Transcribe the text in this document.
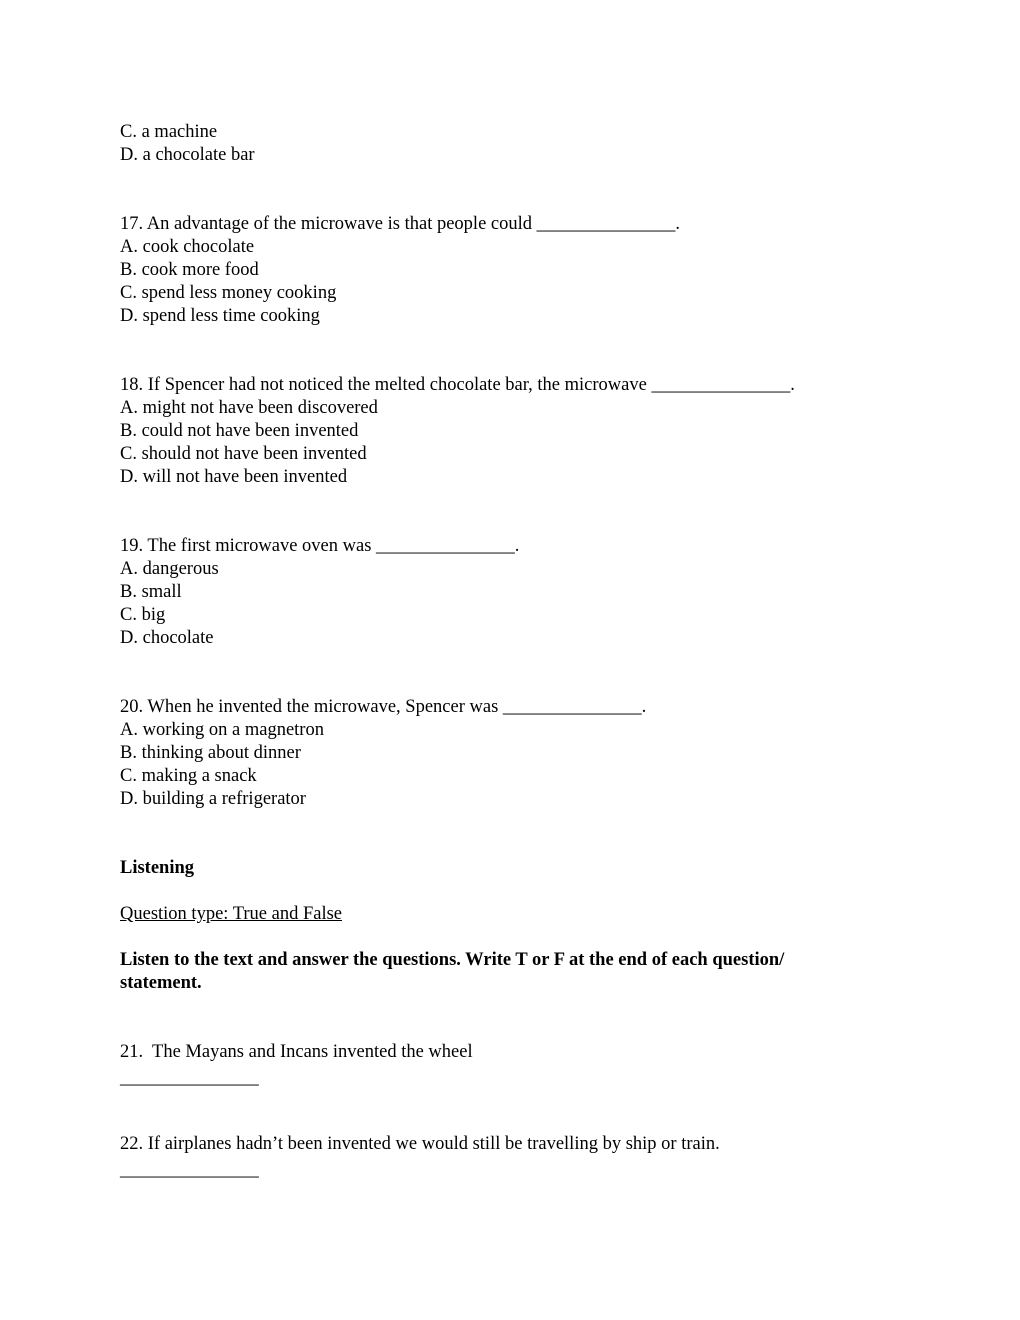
C. a machine
D. a chocolate bar
17. An advantage of the microwave is that people could _______________.
A. cook chocolate
B. cook more food
C. spend less money cooking
D. spend less time cooking
18. If Spencer had not noticed the melted chocolate bar, the microwave _______________.
A. might not have been discovered
B. could not have been invented
C. should not have been invented
D. will not have been invented
19. The first microwave oven was _______________.
A. dangerous
B. small
C. big
D. chocolate
20. When he invented the microwave, Spencer was _______________.
A. working on a magnetron
B. thinking about dinner
C. making a snack
D. building a refrigerator
Listening
Question type: True and False
Listen to the text and answer the questions. Write T or F at the end of each question/
statement.
21.  The Mayans and Incans invented the wheel
_______________
22. If airplanes hadn’t been invented we would still be travelling by ship or train.
_______________
